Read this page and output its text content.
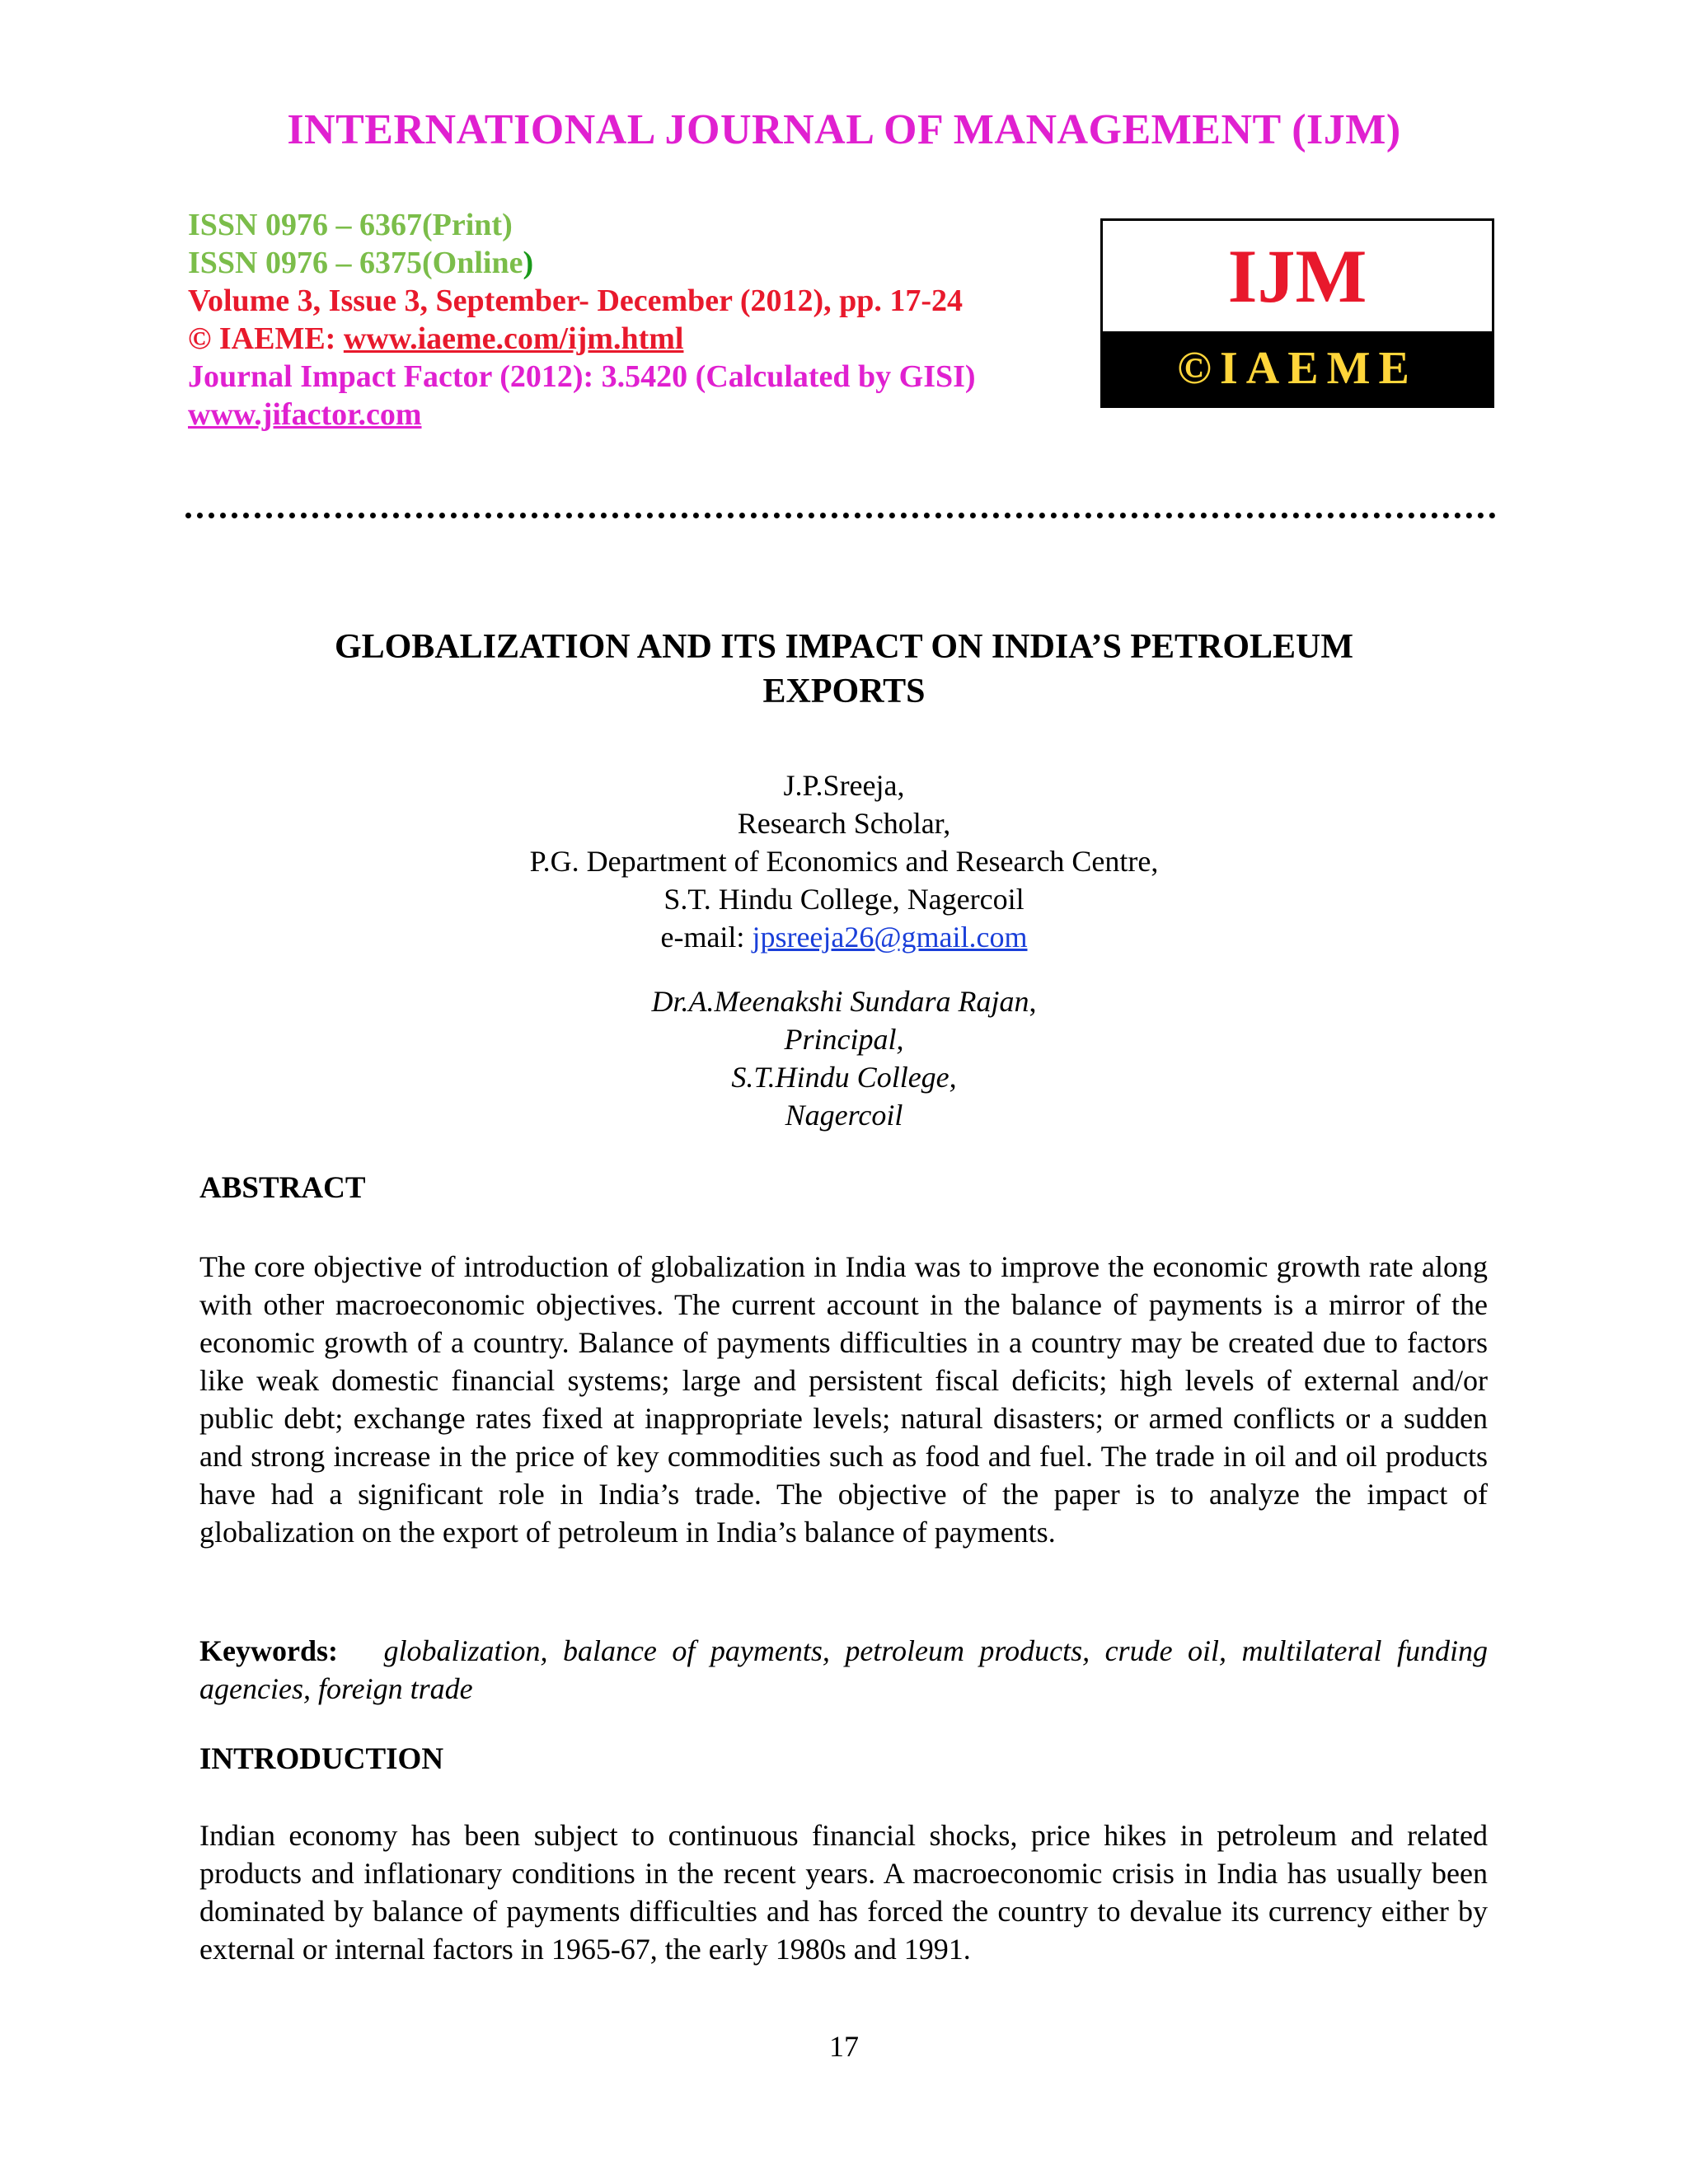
INTERNATIONAL JOURNAL OF MANAGEMENT (IJM)
ISSN 0976 – 6367(Print)
ISSN 0976 – 6375(Online)
Volume 3, Issue 3, September- December (2012), pp. 17-24
© IAEME: www.iaeme.com/ijm.html
Journal Impact Factor (2012): 3.5420 (Calculated by GISI)
www.jifactor.com
IJM
©IAEME
GLOBALIZATION AND ITS IMPACT ON INDIA’S PETROLEUM
EXPORTS
J.P.Sreeja,
Research Scholar,
P.G. Department of Economics and Research Centre,
S.T. Hindu College, Nagercoil
e-mail: jpsreeja26@gmail.com
Dr.A.Meenakshi Sundara Rajan,
Principal,
S.T.Hindu College,
Nagercoil
ABSTRACT
The core objective of introduction of globalization in India was to improve the economic growth rate along with other macroeconomic objectives. The current account in the balance of payments is a mirror of the economic growth of a country. Balance of payments difficulties in a country may be created due to factors like weak domestic financial systems; large and persistent fiscal deficits; high levels of external and/or public debt; exchange rates fixed at inappropriate levels; natural disasters; or armed conflicts or a sudden and strong increase in the price of key commodities such as food and fuel. The trade in oil and oil products have had a significant role in India’s trade. The objective of the paper is to analyze the impact of globalization on the export of petroleum in India’s balance of payments.
Keywords: globalization, balance of payments, petroleum products, crude oil, multilateral funding agencies, foreign trade
INTRODUCTION
Indian economy has been subject to continuous financial shocks, price hikes in petroleum and related products and inflationary conditions in the recent years. A macroeconomic crisis in India has usually been dominated by balance of payments difficulties and has forced the country to devalue its currency either by external or internal factors in 1965-67, the early 1980s and 1991.
17
